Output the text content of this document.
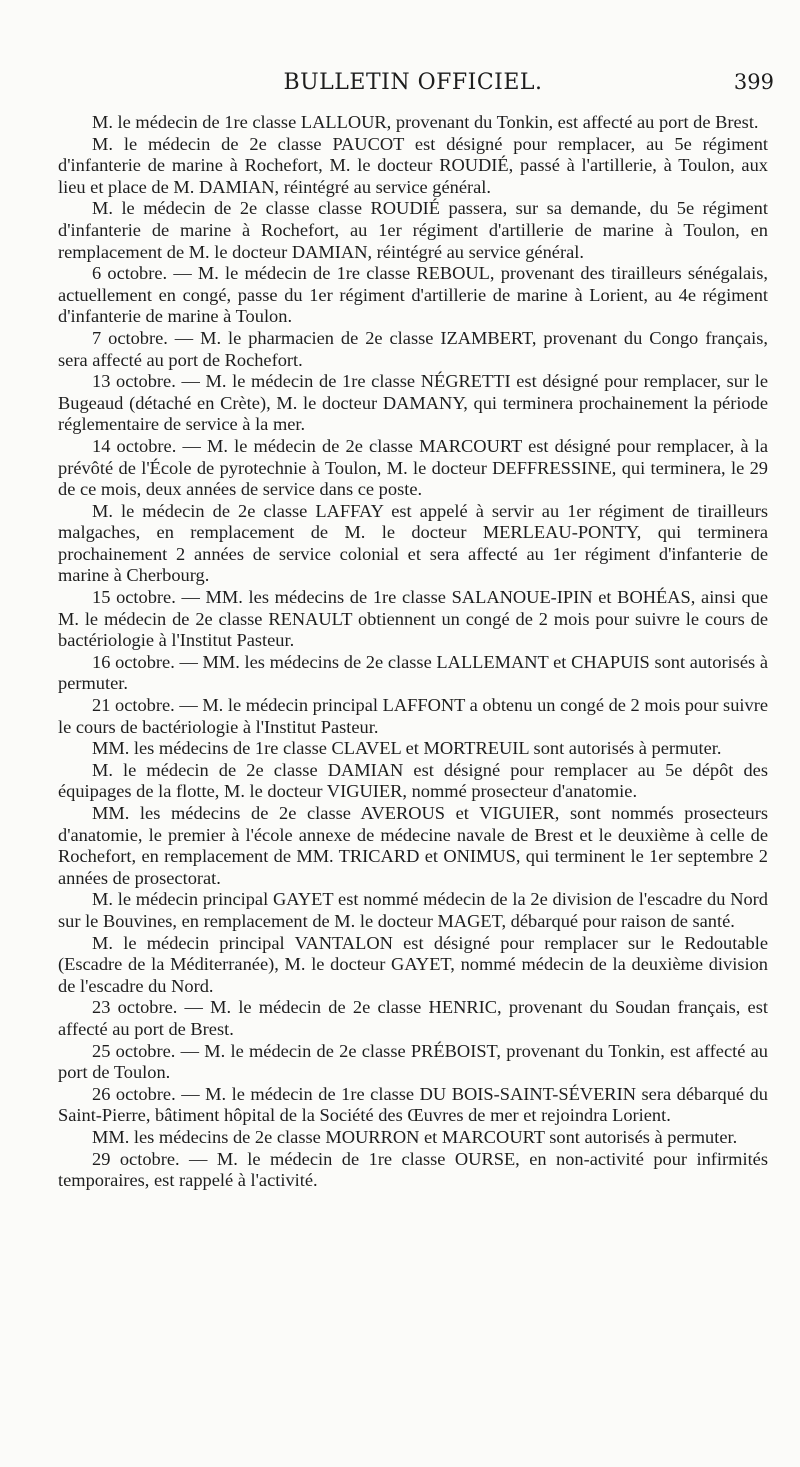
BULLETIN OFFICIEL.	399

M. le médecin de 1re classe LALLOUR, provenant du Tonkin, est affecté au port de Brest.

M. le médecin de 2e classe PAUCOT est désigné pour remplacer, au 5e régiment d'infanterie de marine à Rochefort, M. le docteur ROUDIÉ, passé à l'artillerie, à Toulon, aux lieu et place de M. DAMIAN, réintégré au service général.

M. le médecin de 2e classe classe ROUDIÉ passera, sur sa demande, du 5e régiment d'infanterie de marine à Rochefort, au 1er régiment d'artillerie de marine à Toulon, en remplacement de M. le docteur DAMIAN, réintégré au service général.

6 octobre. — M. le médecin de 1re classe REBOUL, provenant des tirailleurs sénégalais, actuellement en congé, passe du 1er régiment d'artillerie de marine à Lorient, au 4e régiment d'infanterie de marine à Toulon.

7 octobre. — M. le pharmacien de 2e classe IZAMBERT, provenant du Congo français, sera affecté au port de Rochefort.

13 octobre. — M. le médecin de 1re classe NÉGRETTI est désigné pour remplacer, sur le Bugeaud (détaché en Crète), M. le docteur DAMANY, qui terminera prochainement la période réglementaire de service à la mer.

14 octobre. — M. le médecin de 2e classe MARCOURT est désigné pour remplacer, à la prévôté de l'École de pyrotechnie à Toulon, M. le docteur DEFFRESSINE, qui terminera, le 29 de ce mois, deux années de service dans ce poste.

M. le médecin de 2e classe LAFFAY est appelé à servir au 1er régiment de tirailleurs malgaches, en remplacement de M. le docteur MERLEAU-PONTY, qui terminera prochainement 2 années de service colonial et sera affecté au 1er régiment d'infanterie de marine à Cherbourg.

15 octobre. — MM. les médecins de 1re classe SALANOUE-IPIN et BOHÉAS, ainsi que M. le médecin de 2e classe RENAULT obtiennent un congé de 2 mois pour suivre le cours de bactériologie à l'Institut Pasteur.

16 octobre. — MM. les médecins de 2e classe LALLEMANT et CHAPUIS sont autorisés à permuter.

21 octobre. — M. le médecin principal LAFFONT a obtenu un congé de 2 mois pour suivre le cours de bactériologie à l'Institut Pasteur.

MM. les médecins de 1re classe CLAVEL et MORTREUIL sont autorisés à permuter.

M. le médecin de 2e classe DAMIAN est désigné pour remplacer au 5e dépôt des équipages de la flotte, M. le docteur VIGUIER, nommé prosecteur d'anatomie.

MM. les médecins de 2e classe AVEROUS et VIGUIER, sont nommés prosecteurs d'anatomie, le premier à l'école annexe de médecine navale de Brest et le deuxième à celle de Rochefort, en remplacement de MM. TRICARD et ONIMUS, qui terminent le 1er septembre 2 années de prosectorat.

M. le médecin principal GAYET est nommé médecin de la 2e division de l'escadre du Nord sur le Bouvines, en remplacement de M. le docteur MAGET, débarqué pour raison de santé.

M. le médecin principal VANTALON est désigné pour remplacer sur le Redoutable (Escadre de la Méditerranée), M. le docteur GAYET, nommé médecin de la deuxième division de l'escadre du Nord.

23 octobre. — M. le médecin de 2e classe HENRIC, provenant du Soudan français, est affecté au port de Brest.

25 octobre. — M. le médecin de 2e classe PRÉBOIST, provenant du Tonkin, est affecté au port de Toulon.

26 octobre. — M. le médecin de 1re classe DU BOIS-SAINT-SÉVERIN sera débarqué du Saint-Pierre, bâtiment hôpital de la Société des Œuvres de mer et rejoindra Lorient.

MM. les médecins de 2e classe MOURRON et MARCOURT sont autorisés à permuter.

29 octobre. — M. le médecin de 1re classe OURSE, en non-activité pour infirmités temporaires, est rappelé à l'activité.
